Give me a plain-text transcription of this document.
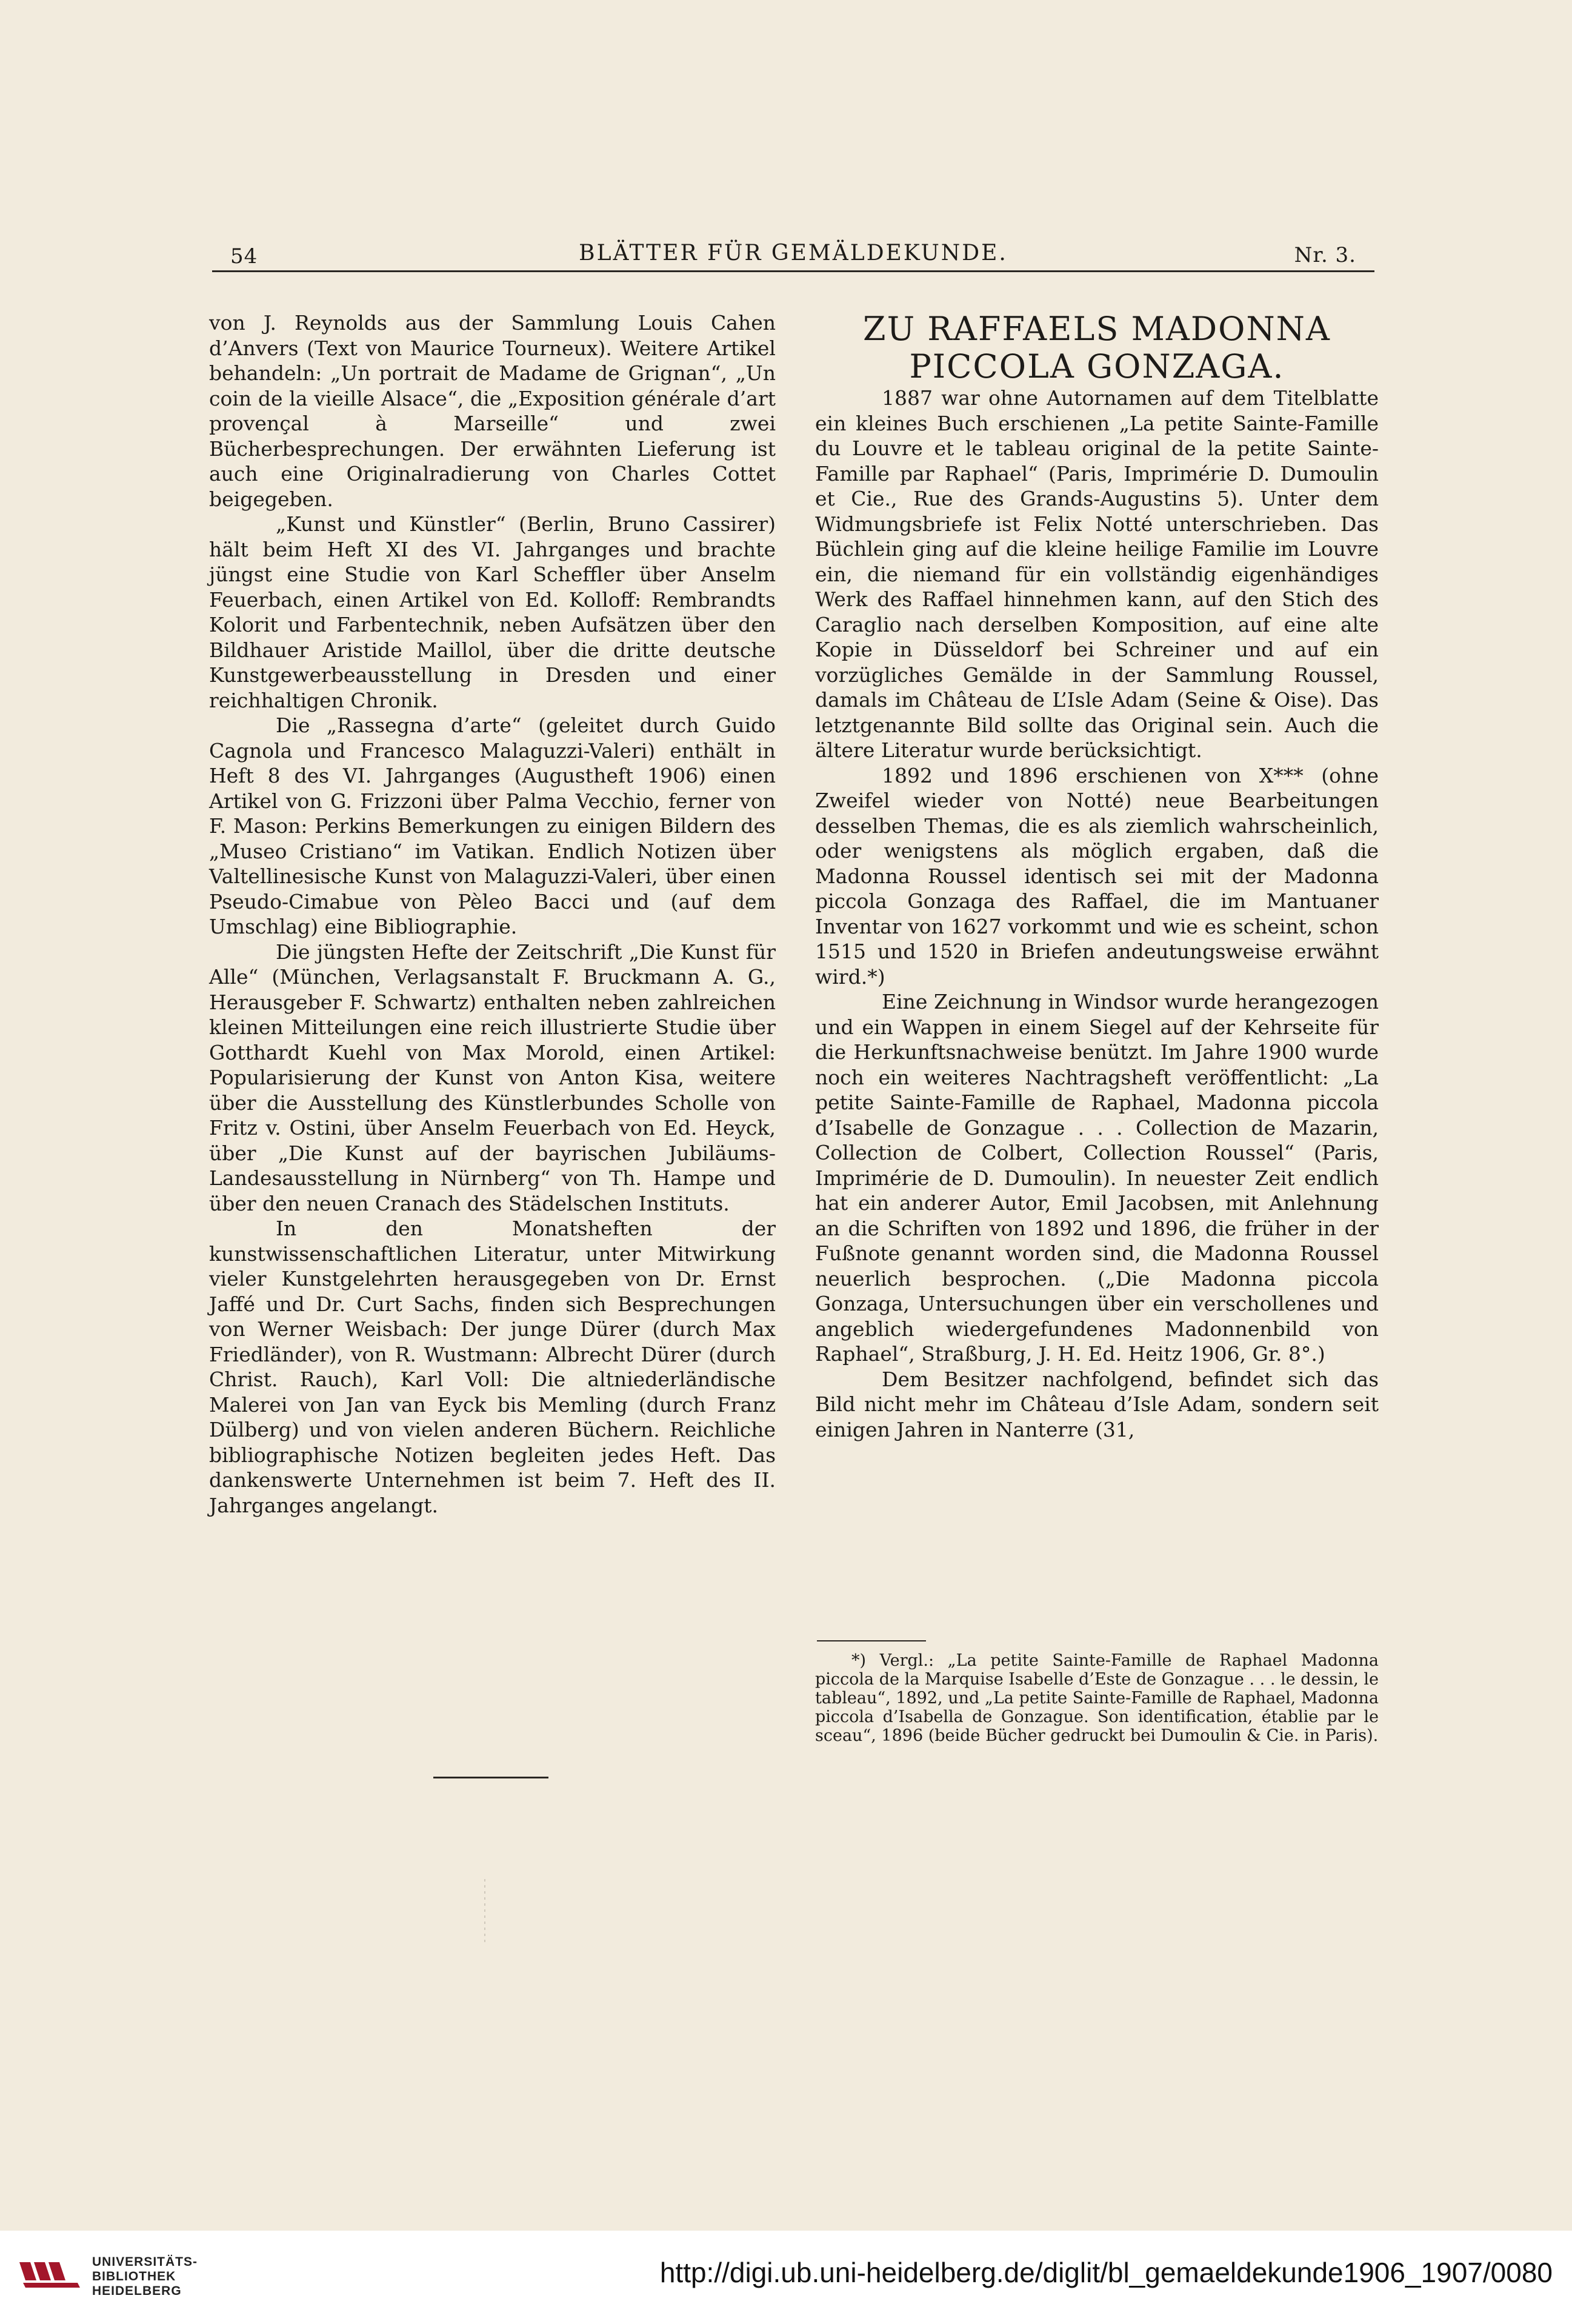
54	BLÄTTER FÜR GEMÄLDEKUNDE.	Nr. 3.

von J. Reynolds aus der Sammlung Louis Cahen d’Anvers (Text von Maurice Tourneux). Weitere Artikel behandeln: „Un portrait de Madame de Grignan“, „Un coin de la vieille Alsace“, die „Exposition générale d’art provençal à Marseille“ und zwei Bücherbesprechungen. Der erwähnten Lieferung ist auch eine Originalradierung von Charles Cottet beigegeben.

„Kunst und Künstler“ (Berlin, Bruno Cassirer) hält beim Heft XI des VI. Jahrganges und brachte jüngst eine Studie von Karl Scheffler über Anselm Feuerbach, einen Artikel von Ed. Kolloff: Rembrandts Kolorit und Farbentechnik, neben Aufsätzen über den Bildhauer Aristide Maillol, über die dritte deutsche Kunstgewerbeausstellung in Dresden und einer reichhaltigen Chronik.

Die „Rassegna d’arte“ (geleitet durch Guido Cagnola und Francesco Malaguzzi-Valeri) enthält in Heft 8 des VI. Jahrganges (Augustheft 1906) einen Artikel von G. Frizzoni über Palma Vecchio, ferner von F. Mason: Perkins Bemerkungen zu einigen Bildern des „Museo Cristiano“ im Vatikan. Endlich Notizen über Valtellinesische Kunst von Malaguzzi-Valeri, über einen Pseudo-Cimabue von Pèleo Bacci und (auf dem Umschlag) eine Bibliographie.

Die jüngsten Hefte der Zeitschrift „Die Kunst für Alle“ (München, Verlagsanstalt F. Bruckmann A. G., Herausgeber F. Schwartz) enthalten neben zahlreichen kleinen Mitteilungen eine reich illustrierte Studie über Gotthardt Kuehl von Max Morold, einen Artikel: Popularisierung der Kunst von Anton Kisa, weitere über die Ausstellung des Künstlerbundes Scholle von Fritz v. Ostini, über Anselm Feuerbach von Ed. Heyck, über „Die Kunst auf der bayrischen Jubiläums-Landesausstellung in Nürnberg“ von Th. Hampe und über den neuen Cranach des Städelschen Instituts.

In den Monatsheften der kunstwissenschaftlichen Literatur, unter Mitwirkung vieler Kunstgelehrten herausgegeben von Dr. Ernst Jaffé und Dr. Curt Sachs, finden sich Besprechungen von Werner Weisbach: Der junge Dürer (durch Max Friedländer), von R. Wustmann: Albrecht Dürer (durch Christ. Rauch), Karl Voll: Die altniederländische Malerei von Jan van Eyck bis Memling (durch Franz Dülberg) und von vielen anderen Büchern. Reichliche bibliographische Notizen begleiten jedes Heft. Das dankenswerte Unternehmen ist beim 7. Heft des II. Jahrganges angelangt.

ZU RAFFAELS MADONNA PICCOLA GONZAGA.

1887 war ohne Autornamen auf dem Titelblatte ein kleines Buch erschienen „La petite Sainte-Famille du Louvre et le tableau original de la petite Sainte-Famille par Raphael“ (Paris, Imprimérie D. Dumoulin et Cie., Rue des Grands-Augustins 5). Unter dem Widmungsbriefe ist Felix Notté unterschrieben. Das Büchlein ging auf die kleine heilige Familie im Louvre ein, die niemand für ein vollständig eigenhändiges Werk des Raffael hinnehmen kann, auf den Stich des Caraglio nach derselben Komposition, auf eine alte Kopie in Düsseldorf bei Schreiner und auf ein vorzügliches Gemälde in der Sammlung Roussel, damals im Château de L’Isle Adam (Seine & Oise). Das letztgenannte Bild sollte das Original sein. Auch die ältere Literatur wurde berücksichtigt.

1892 und 1896 erschienen von X*** (ohne Zweifel wieder von Notté) neue Bearbeitungen desselben Themas, die es als ziemlich wahrscheinlich, oder wenigstens als möglich ergaben, daß die Madonna Roussel identisch sei mit der Madonna piccola Gonzaga des Raffael, die im Mantuaner Inventar von 1627 vorkommt und wie es scheint, schon 1515 und 1520 in Briefen andeutungsweise erwähnt wird.*)

Eine Zeichnung in Windsor wurde herangezogen und ein Wappen in einem Siegel auf der Kehrseite für die Herkunftsnachweise benützt. Im Jahre 1900 wurde noch ein weiteres Nachtragsheft veröffentlicht: „La petite Sainte-Famille de Raphael, Madonna piccola d’Isabelle de Gonzague . . . Collection de Mazarin, Collection de Colbert, Collection Roussel“ (Paris, Imprimérie de D. Dumoulin). In neuester Zeit endlich hat ein anderer Autor, Emil Jacobsen, mit Anlehnung an die Schriften von 1892 und 1896, die früher in der Fußnote genannt worden sind, die Madonna Roussel neuerlich besprochen. („Die Madonna piccola Gonzaga, Untersuchungen über ein verschollenes und angeblich wiedergefundenes Madonnenbild von Raphael“, Straßburg, J. H. Ed. Heitz 1906, Gr. 8°.)

Dem Besitzer nachfolgend, befindet sich das Bild nicht mehr im Château d’Isle Adam, sondern seit einigen Jahren in Nanterre (31,

*) Vergl.: „La petite Sainte-Famille de Raphael Madonna piccola de la Marquise Isabelle d’Este de Gonzague . . . le dessin, le tableau“, 1892, und „La petite Sainte-Famille de Raphael, Madonna piccola d’Isabella de Gonzague. Son identification, établie par le sceau“, 1896 (beide Bücher gedruckt bei Dumoulin & Cie. in Paris).

UNIVERSITÄTS-
BIBLIOTHEK
HEIDELBERG
http://digi.ub.uni-heidelberg.de/diglit/bl_gemaeldekunde1906_1907/0080
